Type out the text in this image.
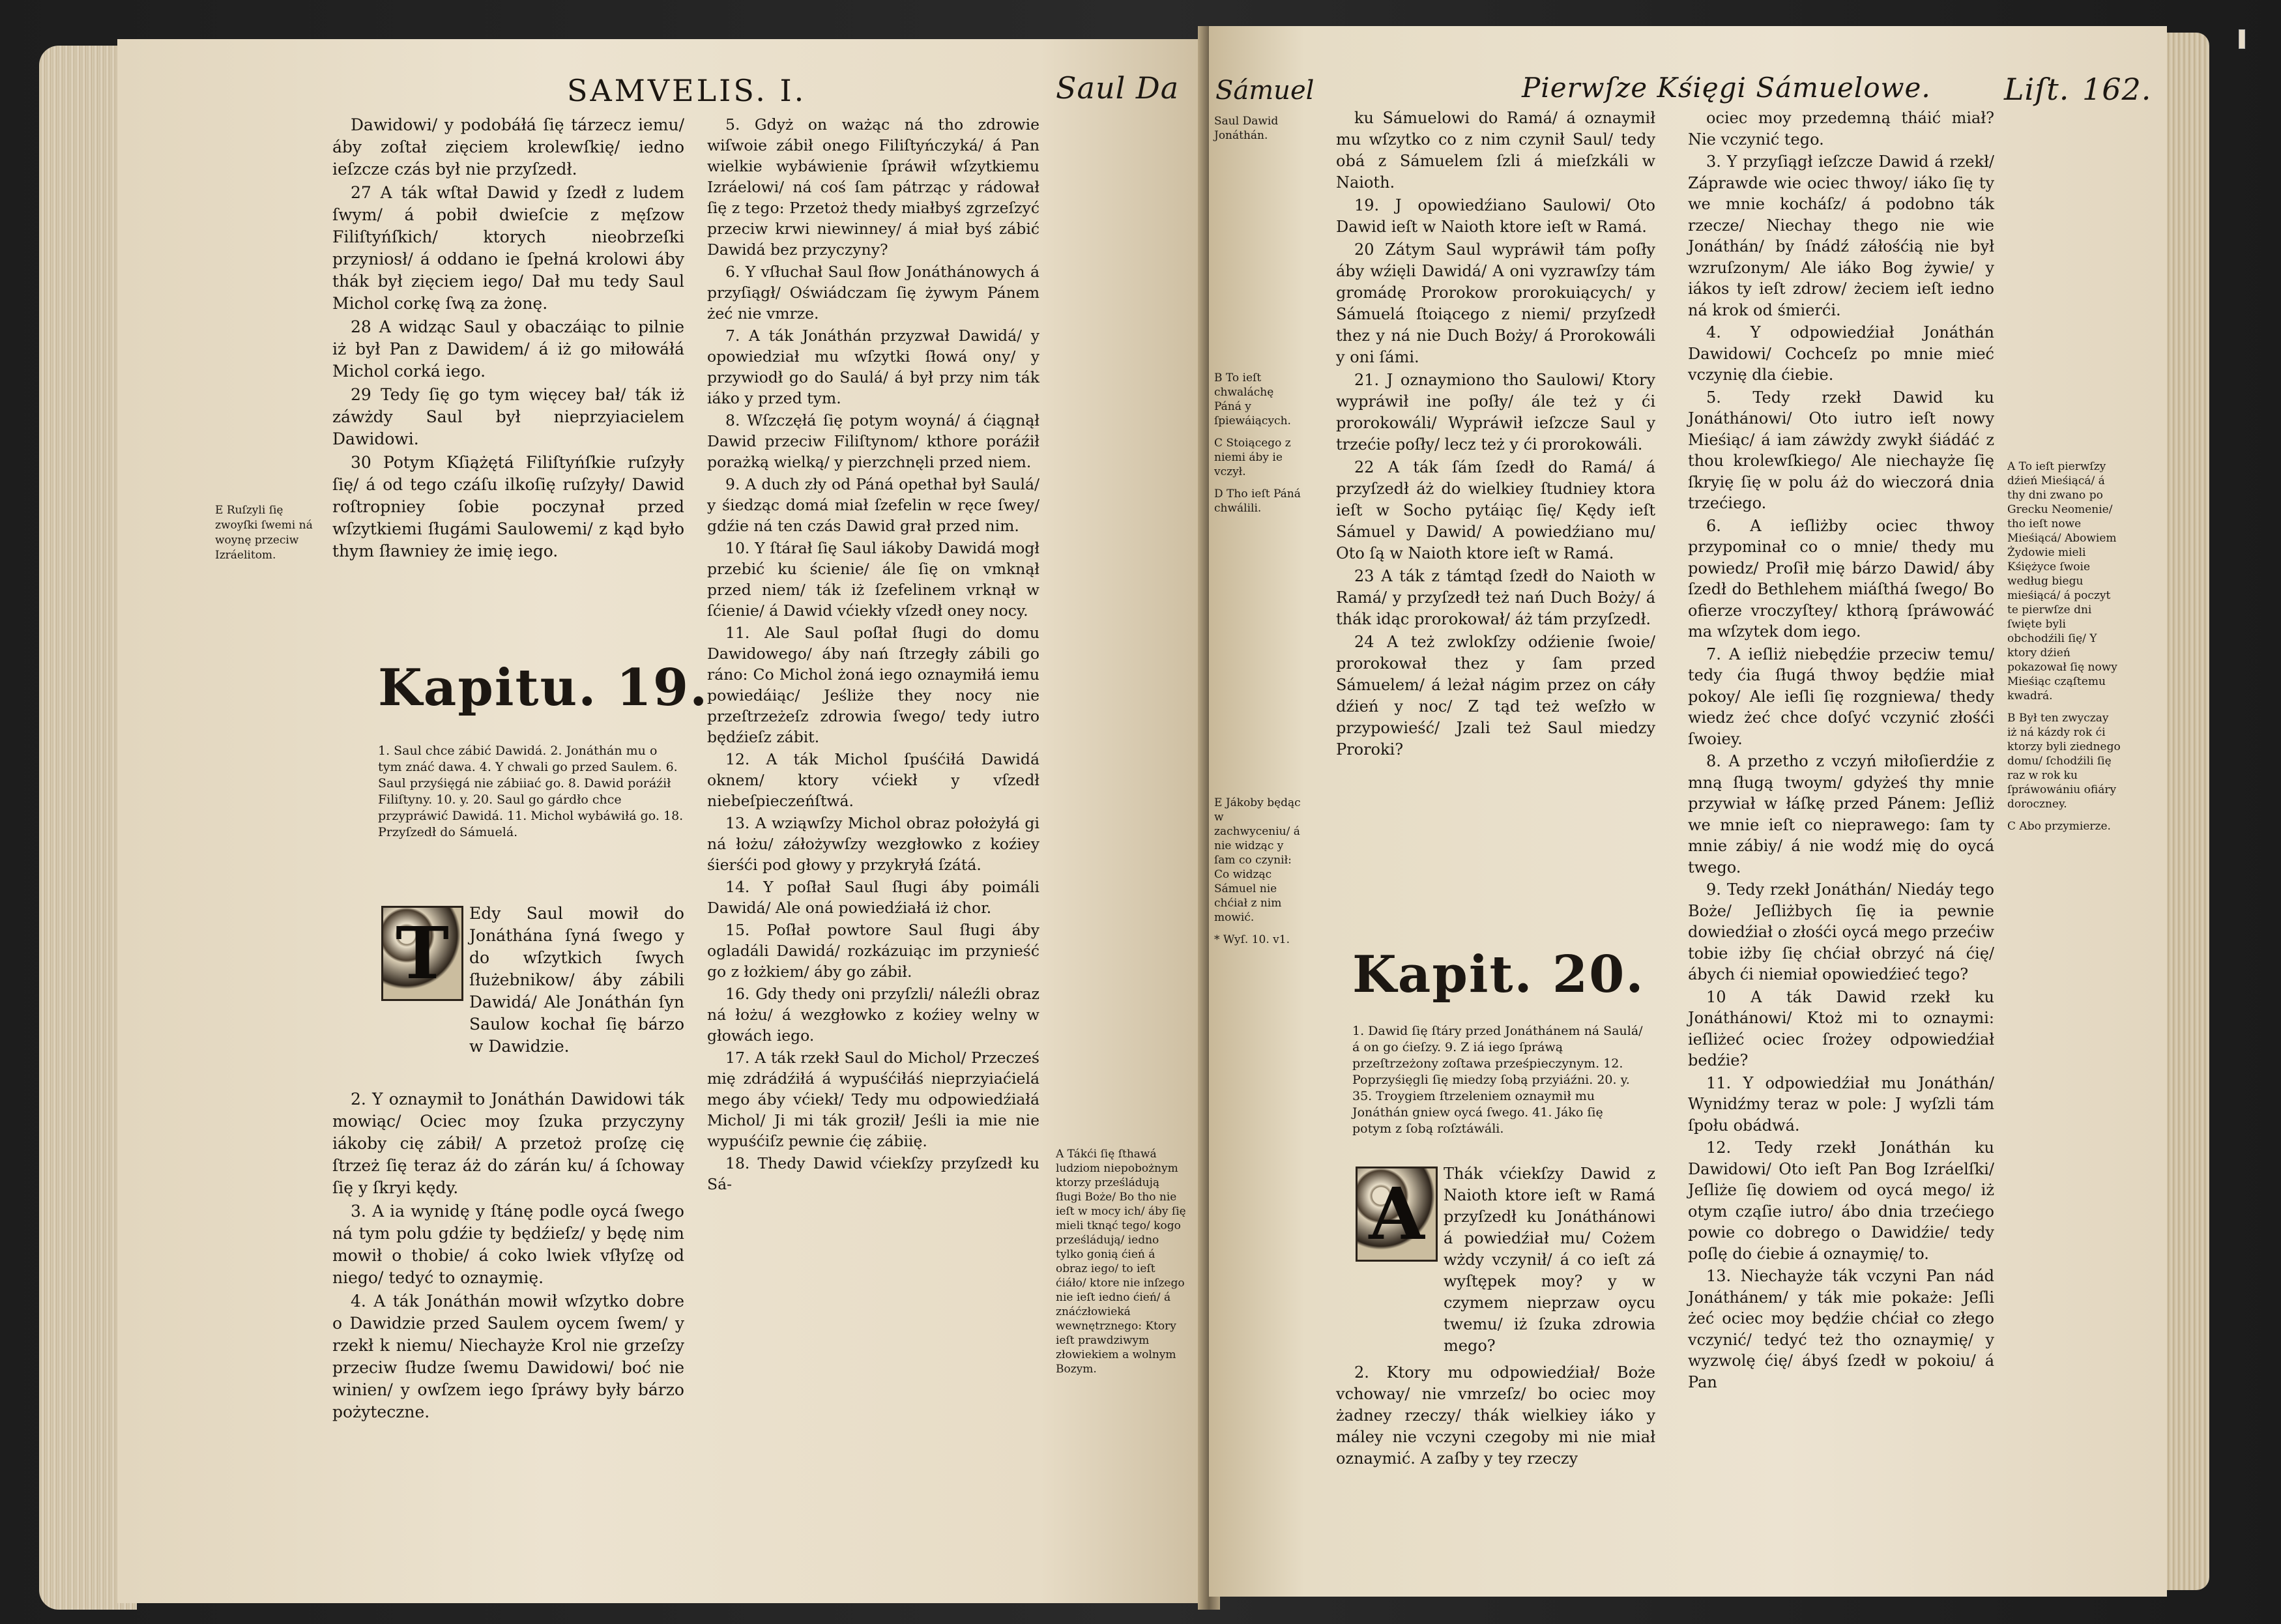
SAMVELIS. I.	Saul Da

Dawidowi/ y podobáłá ſię tárzecz iemu/ áby zoſtał zięciem krolewſkię/ iedno ieſzcze czás był nie przyſzedł.

27 A ták wſtał Dawid y ſzedł z ludem ſwym/ á pobił dwieſcie z męſzow Filiſtyńſkich/ ktorych nieobrzeſki przyniosł/ á oddano ie ſpełná krolowi áby thák był zięciem iego/ Dał mu tedy Saul Michol corkę ſwą za żonę.

28 A widząc Saul y obaczáiąc to pilnie iż był Pan z Dawidem/ á iż go miłowáłá Michol corká iego.

29 Tedy ſię go tym więcey bał/ ták iż záwżdy Saul był nieprzyiacielem Dawidowi.

30 Potym Kſiążętá Filiſtyńſkie ruſzyły ſię/ á od tego czáſu ilkoſię ruſzyły/ Dawid roſtropniey ſobie poczynał przed wſzytkiemi ſługámi Saulowemi/ z kąd było thym ſławniey że imię iego.

E Ruſzyli ſię zwoyſki ſwemi ná woynę przeciw Izráelitom.
Kapitu. 19.
1. Saul chce zábić Dawidá. 2. Jonáthán mu o tym znáć dawa. 4. Y chwali go przed Saulem. 6. Saul przyśięgá nie zábiiać go. 8. Dawid poráźił Filiſtyny. 10. y. 20. Saul go gárdło chce przypráwić Dawidá. 11. Michol wybáwiłá go. 18. Przyſzedł do Sámuelá.
T	Edy Saul mowił do Jonáthána ſyná ſwego y do wſzytkich ſwych ſłużebnikow/ áby zábili Dawidá/ Ale Jonáthán ſyn Saulow kochał ſię bárzo w Dawidzie.

2. Y oznaymił to Jonáthán Dawidowi ták mowiąc/ Ociec moy ſzuka przyczyny iákoby cię zábił/ A przetoż proſzę cię ſtrzeż ſię teraz áż do zárán ku/ á ſchoway ſię y ſkryi kędy.

3. A ia wynidę y ſtánę podle oycá ſwego ná tym polu gdźie ty będźieſz/ y będę nim mowił o thobie/ á coko lwiek vſłyſzę od niego/ tedyć to oznaymię.

4. A ták Jonáthán mowił wſzytko dobre o Dawidzie przed Saulem oycem ſwem/ y rzekł k niemu/ Niechayże Krol nie grzeſzy przeciw ſłudze ſwemu Dawidowi/ boć nie winien/ y owſzem iego ſpráwy były bárzo pożyteczne.

5. Gdyż on ważąc ná tho zdrowie wiſwoie zábił onego Filiſtyńczyká/ á Pan wielkie wybáwienie ſpráwił wſzytkiemu Izráelowi/ ná coś ſam pátrząc y rádował ſię z tego: Przetoż thedy miałbyś zgrzeſzyć przeciw krwi niewinney/ á miał byś zábić Dawidá bez przyczyny?

6. Y vſłuchał Saul ſłow Jonáthánowych á przyſiągł/ Oświádczam ſię żywym Pánem żeć nie vmrze.

7. A ták Jonáthán przyzwał Dawidá/ y opowiedział mu wſzytki ſłowá ony/ y przywiodł go do Saulá/ á był przy nim ták iáko y przed tym.

8. Wſzczęłá ſię potym woyná/ á ćiągnął Dawid przeciw Filiſtynom/ kthore poráźił porażką wielką/ y pierzchnęli przed niem.

9. A duch zły od Páná opethał był Saulá/ y śiedząc domá miał ſzefelin w ręce ſwey/ gdźie ná ten czás Dawid grał przed nim.

10. Y ſtárał ſię Saul iákoby Dawidá mogł przebić ku ścienie/ ále ſię on vmknął przed niem/ ták iż ſzefelinem vrknął w ſćienie/ á Dawid vćiekły vſzedł oney nocy.

11. Ale Saul poſłał ſługi do domu Dawidowego/ áby nań ſtrzegły zábili go ráno: Co Michol żoná iego oznaymiłá iemu powiedáiąc/ Jeśliże they nocy nie przeſtrzeżeſz zdrowia ſwego/ tedy iutro będźieſz zábit.

12. A ták Michol ſpuśćiłá Dawidá oknem/ ktory vćiekł y vſzedł niebeſpieczeńſtwá.

13. A wziąwſzy Michol obraz położyłá gi ná łożu/ záłożywſzy wezgłowko z koźiey śierśći pod głowy y przykryłá ſzátá.

14. Y poſłał Saul ſługi áby poimáli Dawidá/ Ale oná powiedźiałá iż chor.

15. Poſłał powtore Saul ſługi áby ogladáli Dawidá/ rozkázuiąc im przynieść go z łożkiem/ áby go zábił.

16. Gdy thedy oni przyſzli/ náleźli obraz ná łożu/ á wezgłowko z koźiey welny w głowách iego.

17. A ták rzekł Saul do Michol/ Przecześ mię zdrádźiłá á wypuśćiłáś nieprzyiaćielá mego áby vćiekł/ Tedy mu odpowiedźiałá Michol/ Ji mi ták groził/ Jeśli ia mie nie wypuśćiſz pewnie ćię zábiię.

18. Thedy Dawid vćiekſzy przyſzedł ku Sá-

A Tákći ſię ſthawá ludziom niepobożnym ktorzy prześládują ſługi Boże/ Bo tho nie ieſt w mocy ich/ áby ſię mieli tknąć tego/ kogo prześládują/ iedno tylko gonią ćień á obraz iego/ to ieſt ćiáło/ ktore nie inſzego nie ieſt iedno ćień/ á znáćzłowieká wewnętrznego: Ktory ieſt prawdziwym złowiekiem a wolnym Bozym.
Sámuel	Pierwſze Kśięgi Sámuelowe. Liſt. 162.
Saul Dawid Jonáthán.
B To ieſt chwaláchę Páná y ſpiewáiących.
C Stoiącego z niemi áby ie vczył.
D Tho ieſt Páná chwálili.
E Jákoby będąc w zachwyceniu/ á nie widząc y ſam co czynił: Co widząc Sámuel nie chćiał z nim mowić.
* Wyſ. 10. v1.

ku Sámuelowi do Ramá/ á oznaymił mu wſzytko co z nim czynił Saul/ tedy obá z Sámuelem ſzli á mieſzkáli w Naioth.

19. J opowiedźiano Saulowi/ Oto Dawid ieſt w Naioth ktore ieſt w Ramá.

20 Zátym Saul wypráwił tám poſły áby wźięli Dawidá/ A oni vyzrawſzy tám gromádę Prorokow prorokuiących/ y Sámuelá ſtoiącego z niemi/ przyſzedł thez y ná nie Duch Boży/ á Prorokowáli y oni ſámi.

21. J oznaymiono tho Saulowi/ Ktory wypráwił ine poſły/ ále też y ći prorokowáli/ Wypráwił ieſzcze Saul y trzećie poſły/ lecz też y ći prorokowáli.

22 A ták ſám ſzedł do Ramá/ á przyſzedł áż do wielkiey ſtudniey ktora ieſt w Socho pytáiąc ſię/ Kędy ieſt Sámuel y Dawid/ A powiedźiano mu/ Oto ſą w Naioth ktore ieſt w Ramá.

23 A ták z támtąd ſzedł do Naioth w Ramá/ y przyſzedł też nań Duch Boży/ á thák idąc prorokował/ áż tám przyſzedł.

24 A też zwlokſzy odźienie ſwoie/ prorokował thez y ſam przed Sámuelem/ á leżał nágim przez on cáły dźień y noc/ Z tąd też weſzło w przypowieść/ Jzali też Saul miedzy Proroki?

Kapit. 20.
1. Dawid ſię ſtáry przed Jonáthánem ná Saulá/ á on go ćieſzy. 9. Z iá iego ſpráwą przeſtrzeżony zoſtawa prześpieczynym. 12. Poprzyśięgli ſię miedzy ſobą przyiáźni. 20. y. 35. Troygiem ſtrzeleniem oznaymił mu Jonáthán gniew oycá ſwego. 41. Jáko ſię potym z ſobą roſztáwáli.
A	Thák vćiekſzy Dawid z Naioth ktore ieſt w Ramá przyſzedł ku Jonáthánowi á powiedźiał mu/ Cożem wżdy vczynił/ á co ieſt zá wyſtępek moy? y w czymem nieprzaw oycu twemu/ iż ſzuka zdrowia mego?

2. Ktory mu odpowiedźiał/ Boże vchoway/ nie vmrzeſz/ bo ociec moy żadney rzeczy/ thák wielkiey iáko y máley nie vczyni czegoby mi nie miał oznaymić. A zaſby y tey rzeczy

ociec moy przedemną tháić miał? Nie vczynić tego.

3. Y przyſiągł ieſzcze Dawid á rzekł/ Záprawde wie ociec thwoy/ iáko ſię ty we mnie kocháſz/ á podobno ták rzecze/ Niechay thego nie wie Jonáthán/ by ſnádź záłośćią nie był wzruſzonym/ Ale iáko Bog żywie/ y iákos ty ieſt zdrow/ żeciem ieſt iedno ná krok od śmierći.

4. Y odpowiedźiał Jonáthán Dawidowi/ Cochceſz po mnie mieć vczynię dla ćiebie.

5. Tedy rzekł Dawid ku Jonáthánowi/ Oto iutro ieſt nowy Mieśiąc/ á iam záwżdy zwykł śiádáć z thou krolewſkiego/ Ale niechayże ſię ſkryię ſię w polu áż do wieczorá dnia trzećiego.

6. A ieſliżby ociec thwoy przypominał co o mnie/ thedy mu powiedz/ Proſił mię bárzo Dawid/ áby ſzedł do Bethlehem miáſthá ſwego/ Bo ofierze vroczyſtey/ kthorą ſpráwowáć ma wſzytek dom iego.

7. A ieſliż niebędźie przeciw temu/ tedy ćia ſługá thwoy będźie miał pokoy/ Ale ieſli ſię rozgniewa/ thedy wiedz żeć chce doſyć vczynić złośći ſwoiey.

8. A przetho z vczyń miłoſierdźie z mną ſługą twoym/ gdyżeś thy mnie przywiał w łáſkę przed Pánem: Jeſliż we mnie ieſt co nieprawego: ſam ty mnie zábiy/ á nie wodź mię do oycá twego.

9. Tedy rzekł Jonáthán/ Niedáy tego Boże/ Jeſliżbych ſię ia pewnie dowiedźiał o złośći oycá mego przećiw tobie iżby ſię chćiał obrzyć ná ćię/ ábych ći niemiał opowiedźieć tego?

10 A ták Dawid rzekł ku Jonáthánowi/ Ktoż mi to oznaymi: ieſliżeć ociec ſrożey odpowiedźiał bedźie?

11. Y odpowiedźiał mu Jonáthán/ Wynidźmy teraz w pole: J wyſzli tám ſpołu obádwá.

12. Tedy rzekł Jonáthán ku Dawidowi/ Oto ieſt Pan Bog Izráelſki/ Jeſliże ſię dowiem od oycá mego/ iż otym cząſie iutro/ ábo dnia trzećiego powie co dobrego o Dawidźie/ tedy poſlę do ćiebie á oznaymię/ to.

13. Niechayże ták vczyni Pan nád Jonáthánem/ y ták mie pokaże: Jeſli żeć ociec moy będźie chćiał co złego vczynić/ tedyć też tho oznaymię/ y wyzwolę ćię/ ábyś ſzedł w pokoiu/ á Pan

A To ieſt pierwſzy dźień Mieśiącá/ á thy dni zwano po Grecku Neomenie/ tho ieſt nowe Mieśiącá/ Abowiem Żydowie mieli Kśiężyce ſwoie według biegu mieśiącá/ á poczyt te pierwſze dni ſwięte byli obchodźili ſię/ Y ktory dźień pokazował ſię nowy Mieśiąc cząſtemu kwadrá.
B Był ten zwyczay iż ná kázdy rok ći ktorzy byli ziednego domu/ ſchodźili ſię raz w rok ku ſpráwowániu ofiáry doroczney.
C Abo przymierze.
